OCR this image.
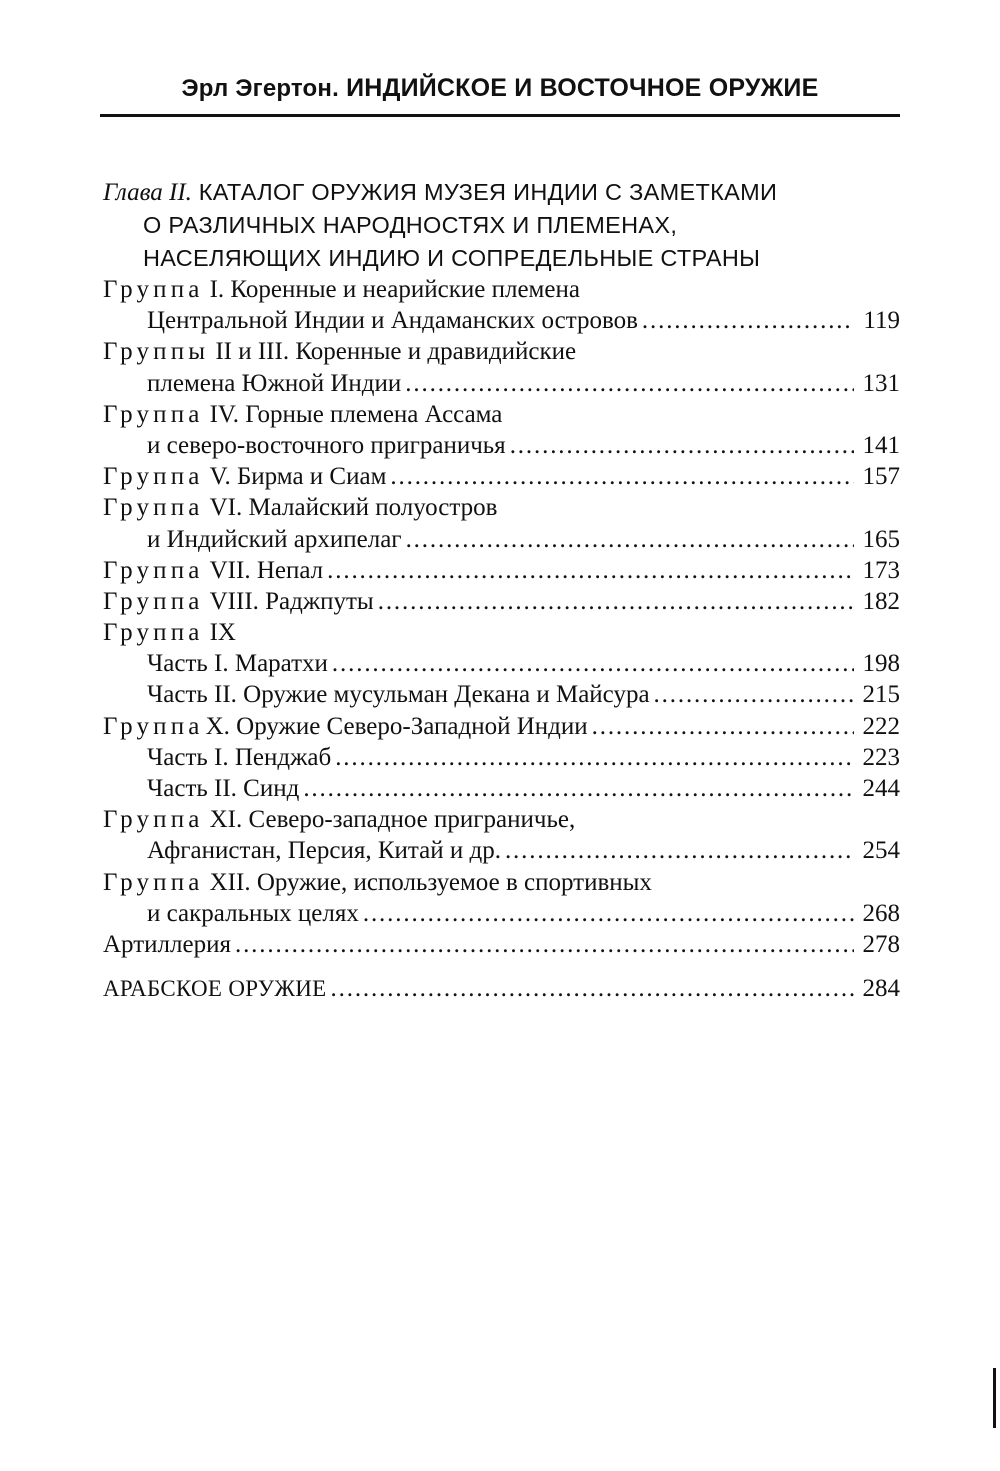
Эрл Эгертон. ИНДИЙСКОЕ И ВОСТОЧНОЕ ОРУЖИЕ
Глава II. КАТАЛОГ ОРУЖИЯ МУЗЕЯ ИНДИИ С ЗАМЕТКАМИ
О РАЗЛИЧНЫХ НАРОДНОСТЯХ И ПЛЕМЕНАХ,
НАСЕЛЯЮЩИХ ИНДИЮ И СОПРЕДЕЛЬНЫЕ СТРАНЫ
Группа I. Коренные и неарийские племена
Центральной Индии и Андаманских островов . . .	119
Группы II и III. Коренные и дравидийские
племена Южной Индии . . .	131
Группа IV. Горные племена Ассама
и северо-восточного приграничья . . .	141
Группа V. Бирма и Сиам . . .	157
Группа VI. Малайский полуостров
и Индийский архипелаг . . .	165
Группа VII. Непал . . .	173
Группа VIII. Раджпуты . . .	182
Группа IX
Часть I. Маратхи . . .	198
Часть II. Оружие мусульман Декана и Майсура . . .	215
Группа X. Оружие Северо-Западной Индии . . .	222
Часть I. Пенджаб . . .	223
Часть II. Синд . . .	244
Группа XI. Северо-западное приграничье,
Афганистан, Персия, Китай и др. . . .	254
Группа XII. Оружие, используемое в спортивных
и сакральных целях . . .	268
Артиллерия . . .	278
АРАБСКОЕ ОРУЖИЕ . . .	284
